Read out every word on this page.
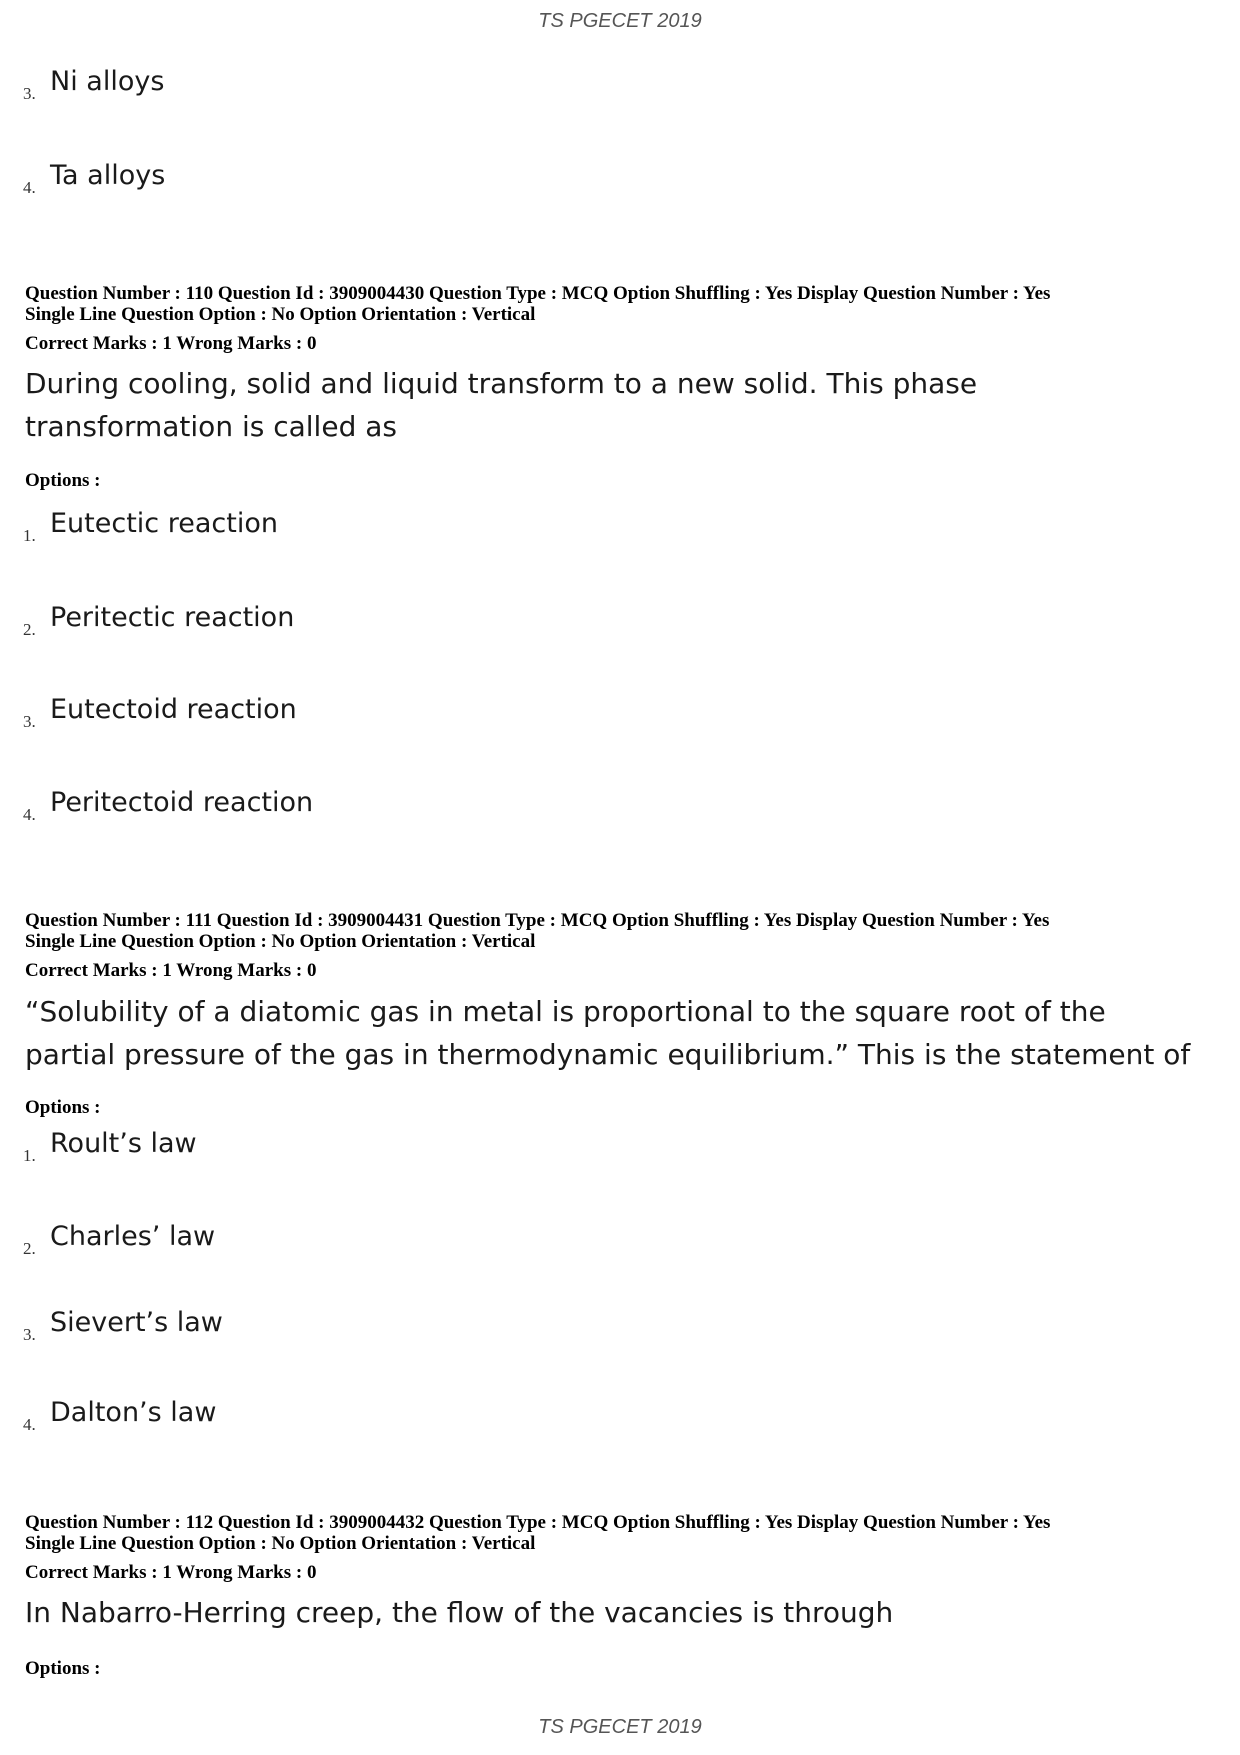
TS PGECET 2019
3. Ni alloys
4. Ta alloys
Question Number : 110 Question Id : 3909004430 Question Type : MCQ Option Shuffling : Yes Display Question Number : Yes
Single Line Question Option : No Option Orientation : Vertical
Correct Marks : 1 Wrong Marks : 0
During cooling, solid and liquid transform to a new solid. This phase
transformation is called as
Options :
1. Eutectic reaction
2. Peritectic reaction
3. Eutectoid reaction
4. Peritectoid reaction
Question Number : 111 Question Id : 3909004431 Question Type : MCQ Option Shuffling : Yes Display Question Number : Yes
Single Line Question Option : No Option Orientation : Vertical
Correct Marks : 1 Wrong Marks : 0
“Solubility of a diatomic gas in metal is proportional to the square root of the
partial pressure of the gas in thermodynamic equilibrium.” This is the statement of
Options :
1. Roult’s law
2. Charles’ law
3. Sievert’s law
4. Dalton’s law
Question Number : 112 Question Id : 3909004432 Question Type : MCQ Option Shuffling : Yes Display Question Number : Yes
Single Line Question Option : No Option Orientation : Vertical
Correct Marks : 1 Wrong Marks : 0
In Nabarro-Herring creep, the flow of the vacancies is through
Options :
TS PGECET 2019
